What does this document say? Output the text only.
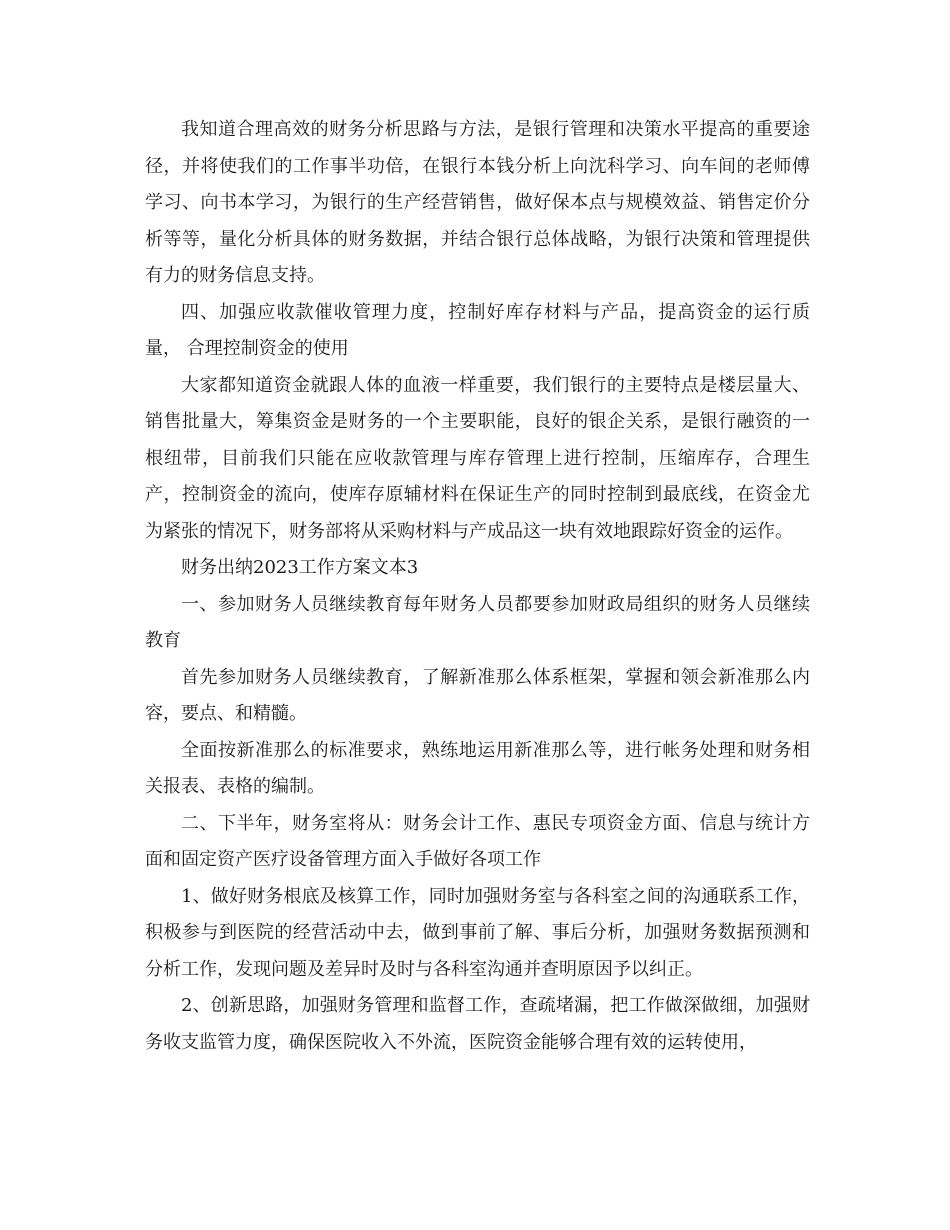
我知道合理高效的财务分析思路与方法，是银行管理和决策水平提高的重要途径，并将使我们的工作事半功倍，在银行本钱分析上向沈科学习、向车间的老师傅学习、向书本学习，为银行的生产经营销售，做好保本点与规模效益、销售定价分析等等，量化分析具体的财务数据，并结合银行总体战略，为银行决策和管理提供有力的财务信息支持。

四、加强应收款催收管理力度，控制好库存材料与产品，提高资金的运行质量， 合理控制资金的使用

大家都知道资金就跟人体的血液一样重要，我们银行的主要特点是楼层量大、销售批量大，筹集资金是财务的一个主要职能，良好的银企关系，是银行融资的一根纽带，目前我们只能在应收款管理与库存管理上进行控制，压缩库存，合理生产，控制资金的流向，使库存原辅材料在保证生产的同时控制到最底线，在资金尤为紧张的情况下，财务部将从采购材料与产成品这一块有效地跟踪好资金的运作。

财务出纳2023工作方案文本3

一、参加财务人员继续教育每年财务人员都要参加财政局组织的财务人员继续教育

首先参加财务人员继续教育，了解新准那么体系框架，掌握和领会新准那么内容，要点、和精髓。

全面按新准那么的标准要求，熟练地运用新准那么等，进行帐务处理和财务相关报表、表格的编制。

二、下半年，财务室将从：财务会计工作、惠民专项资金方面、信息与统计方面和固定资产医疗设备管理方面入手做好各项工作

1、做好财务根底及核算工作，同时加强财务室与各科室之间的沟通联系工作，积极参与到医院的经营活动中去，做到事前了解、事后分析，加强财务数据预测和分析工作，发现问题及差异时及时与各科室沟通并查明原因予以纠正。

2、创新思路，加强财务管理和监督工作，查疏堵漏，把工作做深做细，加强财务收支监管力度，确保医院收入不外流，医院资金能够合理有效的运转使用，
